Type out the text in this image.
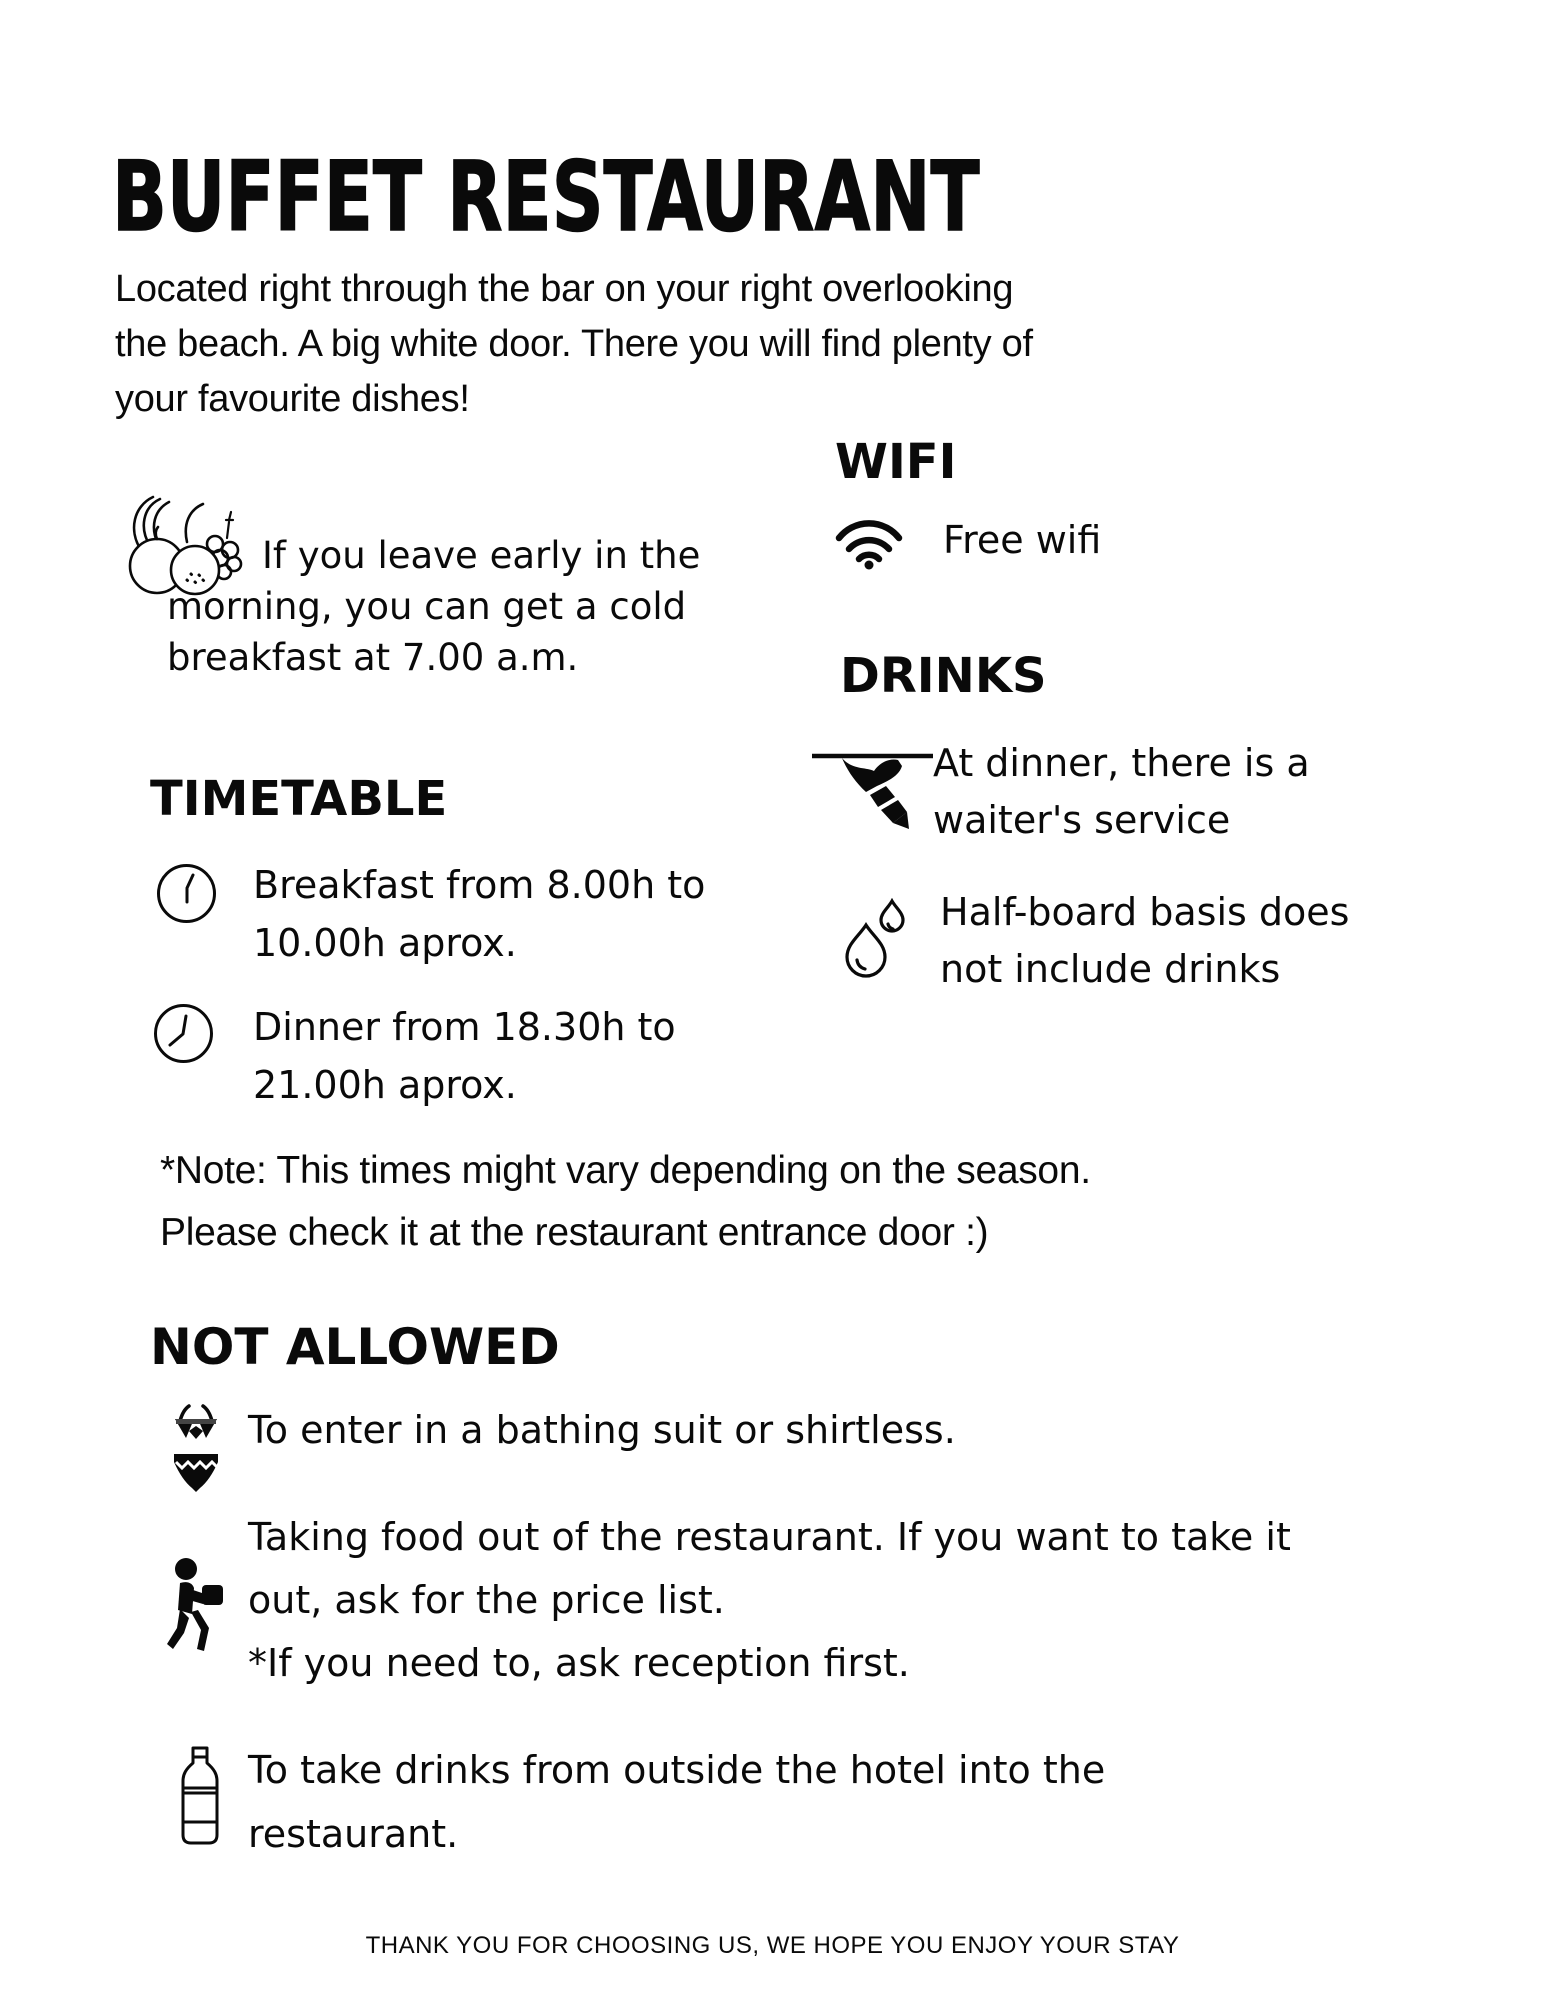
BUFFET RESTAURANT
Located right through the bar on your right overlooking
the beach. A big white door. There you will find plenty of
your favourite dishes!
If you leave early in the
morning, you can get a cold
breakfast at 7.00 a.m.
WIFI
Free wifi
DRINKS
At dinner, there is a
waiter's service
Half-board basis does
not include drinks
TIMETABLE
Breakfast from 8.00h to
10.00h aprox.
Dinner from 18.30h to
21.00h aprox.
*Note: This times might vary depending on the season.
Please check it at the restaurant entrance door :)
NOT ALLOWED
To enter in a bathing suit or shirtless.
Taking food out of the restaurant. If you want to take it
out, ask for the price list.
*If you need to, ask reception first.
To take drinks from outside the hotel into the
restaurant.
THANK YOU FOR CHOOSING US, WE HOPE YOU ENJOY YOUR STAY
